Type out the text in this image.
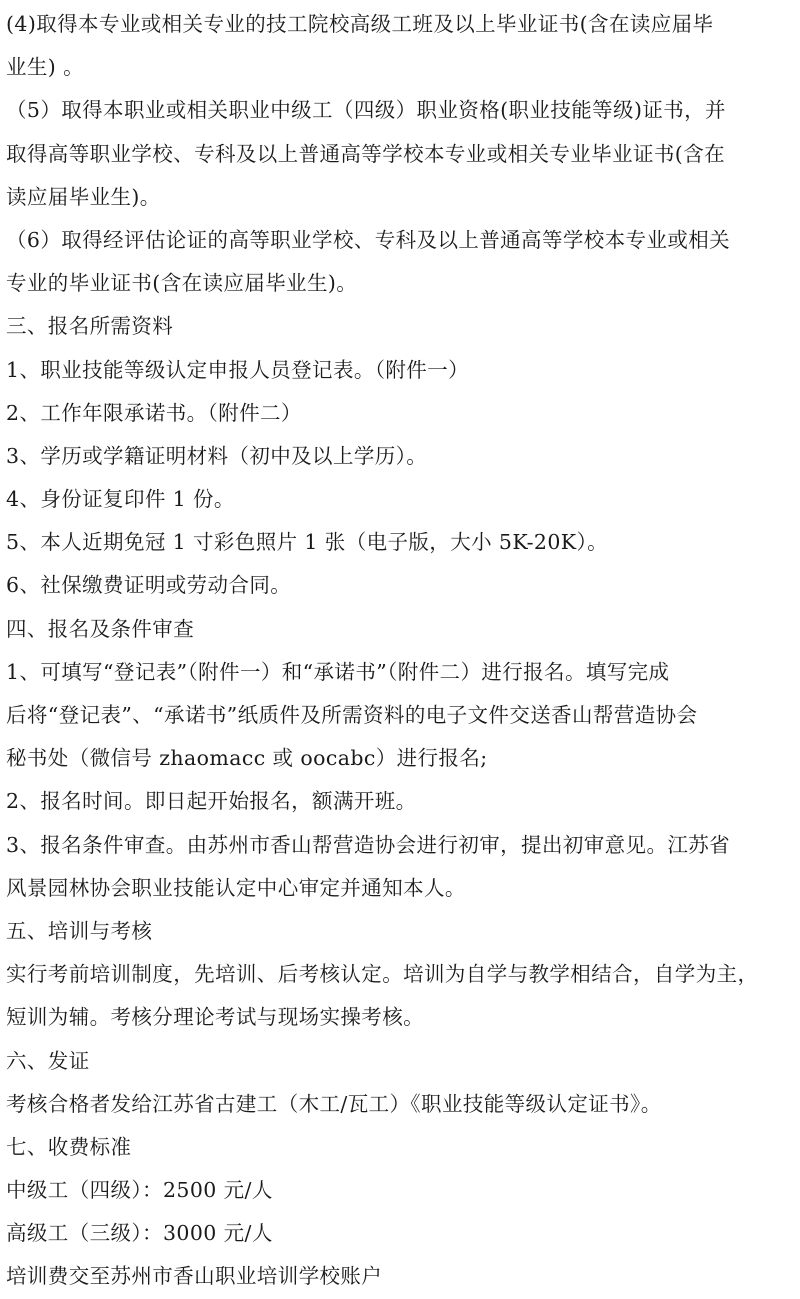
(4)取得本专业或相关专业的技工院校高级工班及以上毕业证书(含在读应届毕
业生) 。
（5）取得本职业或相关职业中级工（四级）职业资格(职业技能等级)证书，并
取得高等职业学校、专科及以上普通高等学校本专业或相关专业毕业证书(含在
读应届毕业生)。
（6）取得经评估论证的高等职业学校、专科及以上普通高等学校本专业或相关
专业的毕业证书(含在读应届毕业生)。
三、报名所需资料
1、职业技能等级认定申报人员登记表。（附件一）
2、工作年限承诺书。（附件二）
3、学历或学籍证明材料（初中及以上学历）。
4、身份证复印件 1 份。
5、本人近期免冠 1 寸彩色照片 1 张（电子版，大小 5K-20K）。
6、社保缴费证明或劳动合同。
四、报名及条件审查
1、可填写“登记表”（附件一）和“承诺书”（附件二）进行报名。填写完成
后将“登记表”、“承诺书”纸质件及所需资料的电子文件交送香山帮营造协会
秘书处（微信号 zhaomacc 或 oocabc）进行报名;
2、报名时间。即日起开始报名，额满开班。
3、报名条件审查。由苏州市香山帮营造协会进行初审，提出初审意见。江苏省
风景园林协会职业技能认定中心审定并通知本人。
五、培训与考核
实行考前培训制度，先培训、后考核认定。培训为自学与教学相结合，自学为主，
短训为辅。考核分理论考试与现场实操考核。
六、发证
考核合格者发给江苏省古建工（木工/瓦工）《职业技能等级认定证书》。
七、收费标准
中级工（四级）：2500 元/人
高级工（三级）：3000 元/人
培训费交至苏州市香山职业培训学校账户
